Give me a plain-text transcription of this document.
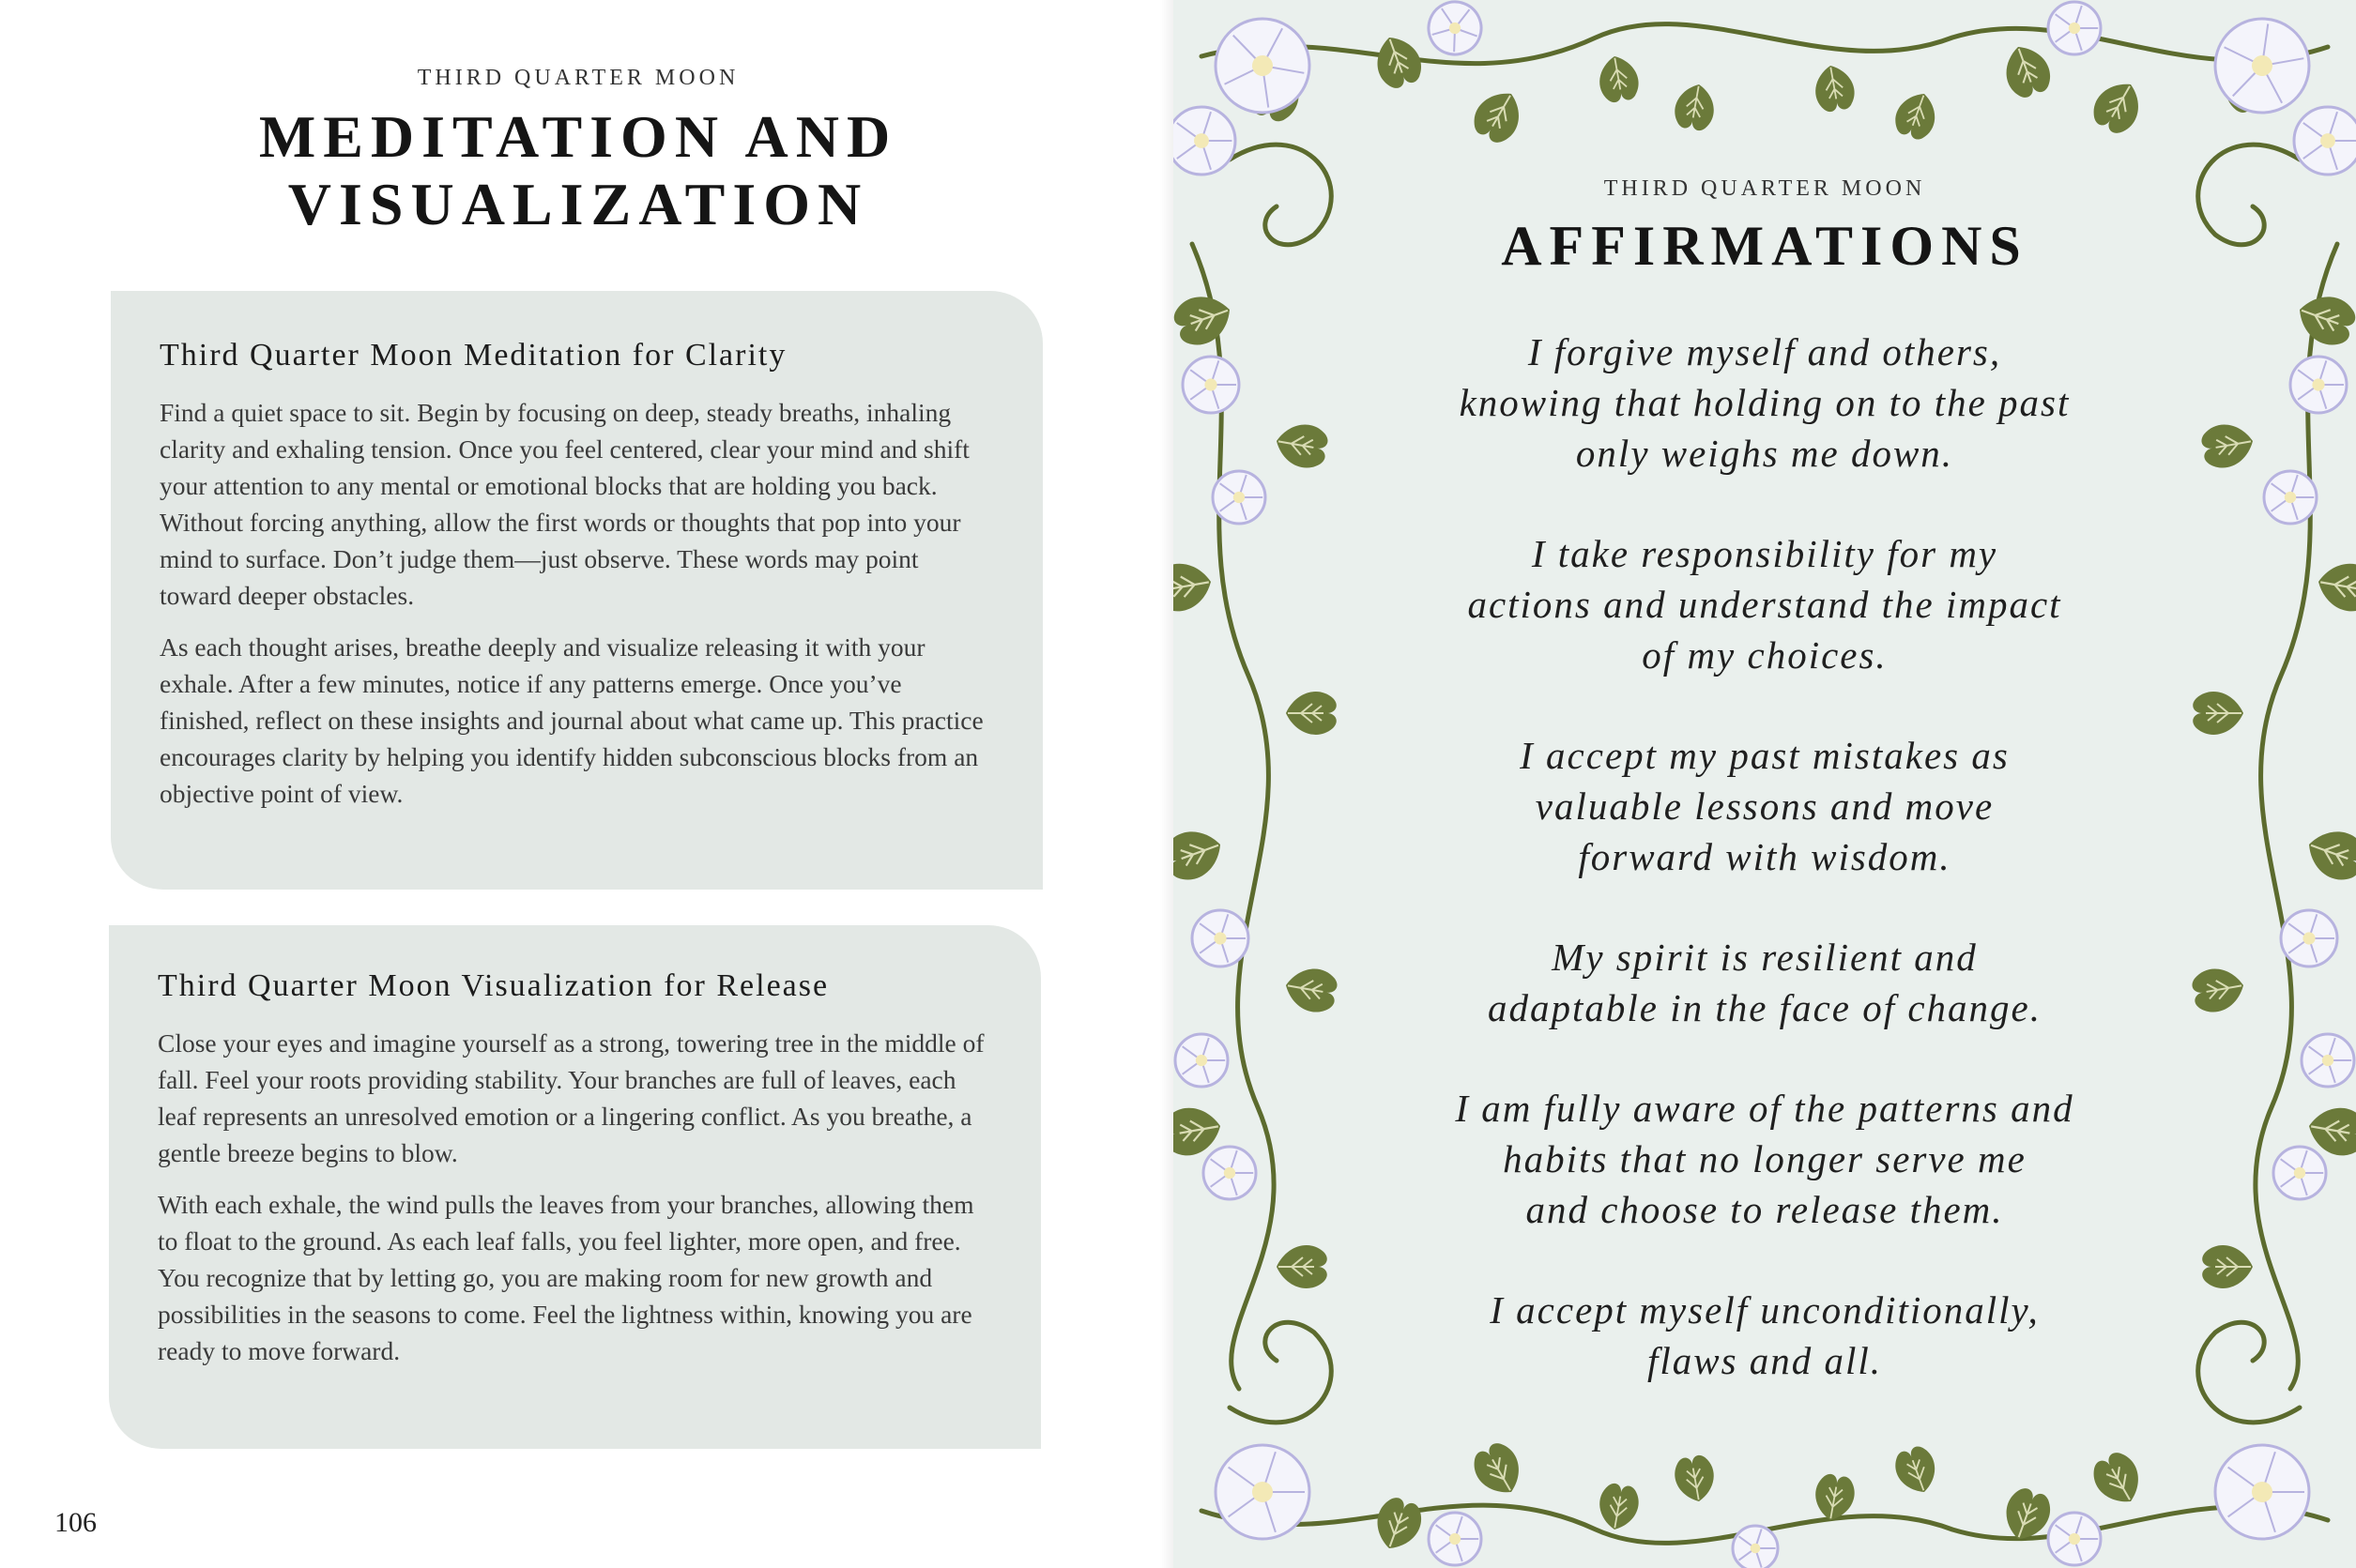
THIRD QUARTER MOON
MEDITATION AND VISUALIZATION
Third Quarter Moon Meditation for Clarity

Find a quiet space to sit. Begin by focusing on deep, steady breaths, inhaling clarity and exhaling tension. Once you feel centered, clear your mind and shift your attention to any mental or emotional blocks that are holding you back. Without forcing anything, allow the first words or thoughts that pop into your mind to surface. Don’t judge them—just observe. These words may point toward deeper obstacles.

As each thought arises, breathe deeply and visualize releasing it with your exhale. After a few minutes, notice if any patterns emerge. Once you’ve finished, reflect on these insights and journal about what came up. This practice encourages clarity by helping you identify hidden subconscious blocks from an objective point of view.

Third Quarter Moon Visualization for Release

Close your eyes and imagine yourself as a strong, towering tree in the middle of fall. Feel your roots providing stability. Your branches are full of leaves, each leaf represents an unresolved emotion or a lingering conflict. As you breathe, a gentle breeze begins to blow.

With each exhale, the wind pulls the leaves from your branches, allowing them to float to the ground. As each leaf falls, you feel lighter, more open, and free. You recognize that by letting go, you are making room for new growth and possibilities in the seasons to come. Feel the lightness within, knowing you are ready to move forward.

106
THIRD QUARTER MOON
AFFIRMATIONS
I forgive myself and others,
knowing that holding on to the past
only weighs me down.
I take responsibility for my
actions and understand the impact
of my choices.
I accept my past mistakes as
valuable lessons and move
forward with wisdom.
My spirit is resilient and
adaptable in the face of change.
I am fully aware of the patterns and
habits that no longer serve me
and choose to release them.
I accept myself unconditionally,
flaws and all.
